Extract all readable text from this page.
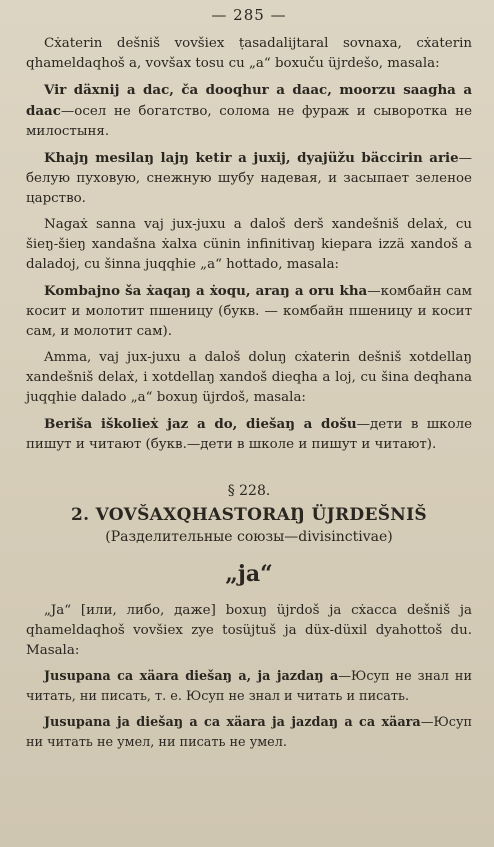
— 285 —

Cẋaterin dešniš vovšiex ṭasadalijtaral sovnaxa, cẋaterin qhameldaqhoš a, vovšax tosu cu „a“ boxuču üjrdešo, masala:

Vir däxnij a dac, ča dooqhur a daac, moorzu saagha a daac—осел не богатство, солома не фураж и сыворотка не милостыня.

Khajŋ mesilaŋ lajŋ ketir a juxij, dyajüžu bäccirin arie—белую пуховую, снежную шубу надевая, и засыпает зеленое царство.

Nagaẋ sanna vaj jux-juxu a daloš derš xandešniš delaẋ, cu šieŋ-šieŋ xandašna ẋalxa cünin infinitivaŋ kiepara izzä xandoš a daladoj, cu šinna juqqhie „a“ hottado, masala:

Kombajno ša ẋaqaŋ a ẋoqu, araŋ a oru kha—комбайн сам косит и молотит пшеницу (букв. — комбайн пшеницу и косит сам, и молотит сам).

Amma, vaj jux-juxu a daloš doluŋ cẋaterin dešniš xotdellaŋ xandešniš delaẋ, i xotdellaŋ xandoš dieqha a loj, cu šina deqhana juqqhie dalado „a“ boxuŋ üjrdoš, masala:

Beriša iškolieẋ jaz a do, diešaŋ a došu—дети в школе пишут и читают (букв.—дети в школе и пишут и читают).

§ 228.
2. VOVŠAXQHASTORAŊ ÜJRDEŠNIŠ
(Разделительные союзы—divisinctivae)
„ja“

„Ja“ [или, либо, даже] boxuŋ üjrdoš ja cẋacca dešniš ja qhameldaqhoš vovšiex zye tosüjtuš ja düx-düxil dyahottoš du. Masala:

Jusupana ca xäara diešaŋ a, ja jazdaŋ a—Юсуп не знал ни читать, ни писать, т. е. Юсуп не знал и читать и писать.

Jusupana ja diešaŋ a ca xäara ja jazdaŋ a ca xäara—Юсуп ни читать не умел, ни писать не умел.
